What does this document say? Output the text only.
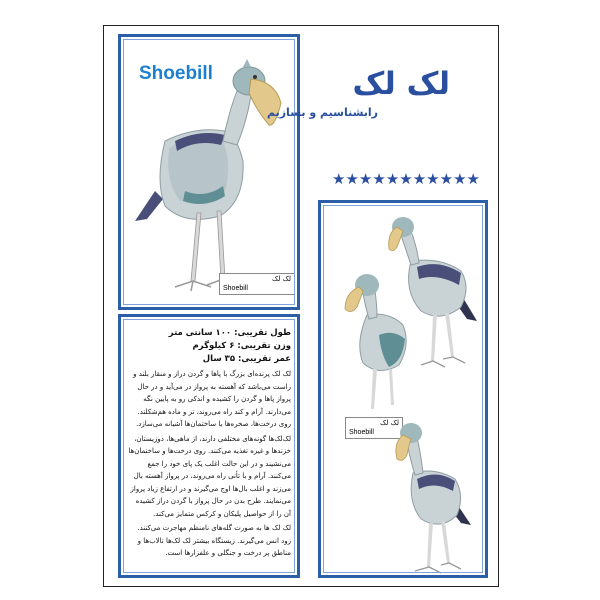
Shoebill
لک لک
Shoebill
لک لک
رابشناسیم و بسازیم
★ ★ ★ ★ ★ ★ ★ ★ ★ ★ ★
طول تقریبی: ۱۰۰ سانتی متر
وزن تقریبی: ۶ کیلوگرم
عمر تقریبی: ۳۵ سال
لک لک پرنده‌ای بزرگ با پاها و گردن دراز و منقار بلند و راست می‌باشد که آهسته به پرواز در می‌آید و در حال پرواز پاها و گردن را کشیده و اندکی رو به پایین نگه می‌دارند. آرام و کند راه می‌روند، تر و ماده هم‌شکلند. روی درخت‌ها، صخره‌ها یا ساختمان‌ها آشیانه می‌سازد.
لک‌لک‌ها گونه‌های مختلفی دارند، از ماهی‌ها، دوزیستان، خزندها و غیره تغذیه می‌کنند. روی درخت‌ها و ساختمان‌ها می‌نشیند و در این حالت اغلب یک پای خود را جمع می‌کنند. آرام و با تأنی راه می‌روند، در پرواز آهسته بال می‌زند و اغلب بال‌ها اوج می‌گیرند و در ارتفاع زیاد پرواز می‌نمایند. طرح بدن در حال پرواز با گردن دراز کشیده آن را از حواصیل پلیکان و کرکس متمایز می‌کند.
لک لک ها به صورت گله‌های نامنظم مهاجرت می‌کنند. زود انس می‌گیرند. زیستگاه بیشتر لک لک‌ها تالاب‌ها و مناطق پر درخت و جنگلی و علفزارها است.
لک لک
Shoebill
